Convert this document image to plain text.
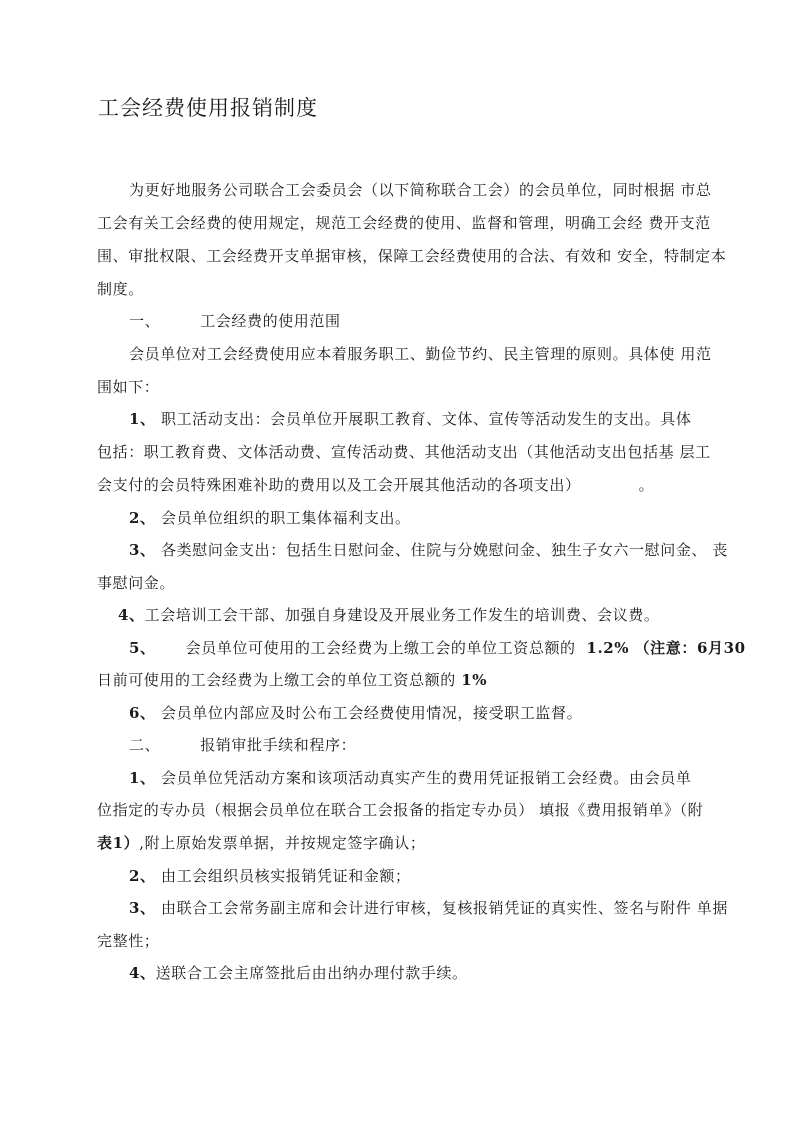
工会经费使用报销制度
为更好地服务公司联合工会委员会（以下简称联合工会）的会员单位，同时根据 市总
工会有关工会经费的使用规定，规范工会经费的使用、监督和管理，明确工会经 费开支范
围、审批权限、工会经费开支单据审核，保障工会经费使用的合法、有效和 安全，特制定本
制度。
一、	工会经费的使用范围
会员单位对工会经费使用应本着服务职工、勤俭节约、民主管理的原则。具体使 用范
围如下：
1、 职工活动支出：会员单位开展职工教育、文体、宣传等活动发生的支出。具体
包括：职工教育费、文体活动费、宣传活动费、其他活动支出（其他活动支出包括基 层工
会支付的会员特殊困难补助的费用以及工会开展其他活动的各项支出）	。
2、 会员单位组织的职工集体福利支出。
3、 各类慰问金支出：包括生日慰问金、住院与分娩慰问金、独生子女六一慰问金、 丧
事慰问金。
4、工会培训工会干部、加强自身建设及开展业务工作发生的培训费、会议费。
5、 会员单位可使用的工会经费为上缴工会的单位工资总额的 1.2% （注意：6月30
日前可使用的工会经费为上缴工会的单位工资总额的 1%
6、 会员单位内部应及时公布工会经费使用情况，接受职工监督。
二、	报销审批手续和程序：
1、 会员单位凭活动方案和该项活动真实产生的费用凭证报销工会经费。由会员单
位指定的专办员（根据会员单位在联合工会报备的指定专办员） 填报《费用报销单》（附
表1）,附上原始发票单据，并按规定签字确认；
2、 由工会组织员核实报销凭证和金额；
3、 由联合工会常务副主席和会计进行审核，复核报销凭证的真实性、签名与附件 单据
完整性；
4、送联合工会主席签批后由出纳办理付款手续。
